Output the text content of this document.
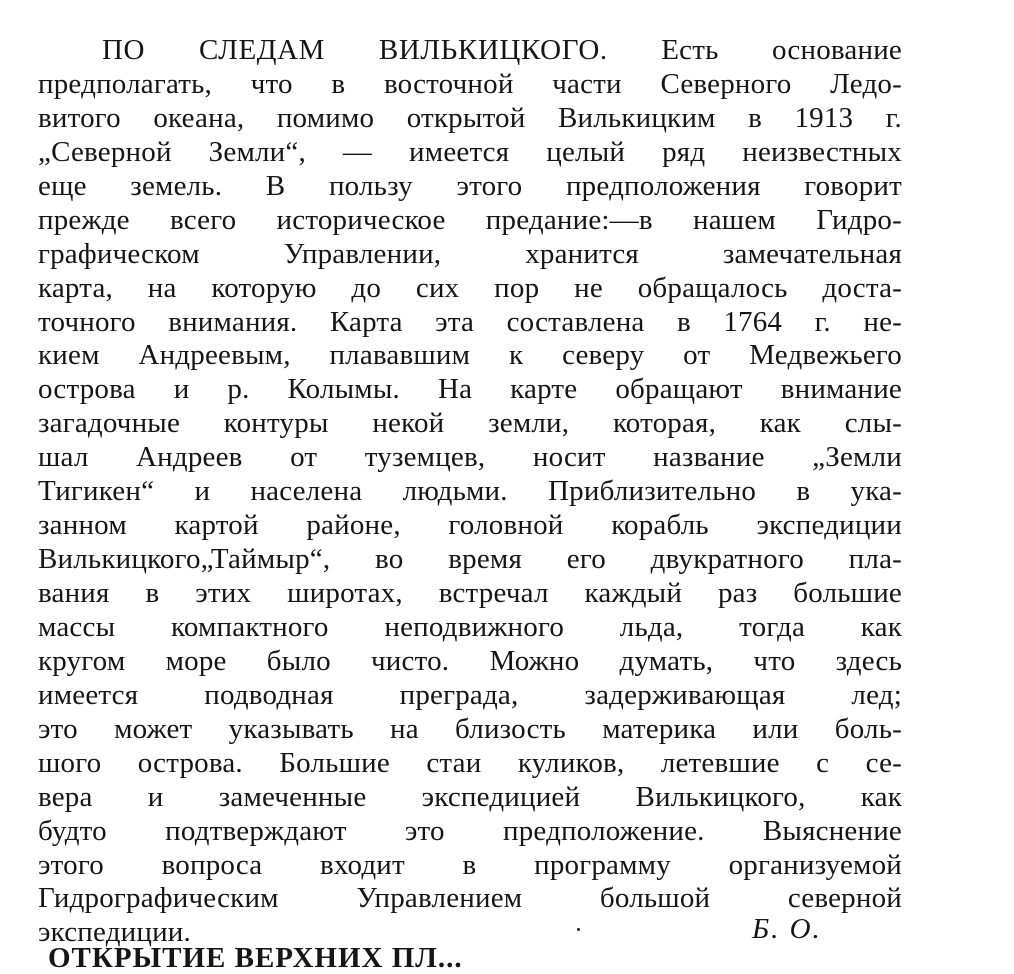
ПО СЛЕДАМ ВИЛЬКИЦКОГО. Есть основание
предполагать, что в восточной части Северного Ледо-
витого океана, помимо открытой Вилькицким в 1913 г.
„Северной Земли“, — имеется целый ряд неизвестных
еще земель. В пользу этого предположения говорит
прежде всего историческое предание:—в нашем Гидро-
графическом Управлении, хранится замечательная
карта, на которую до сих пор не обращалось доста-
точного внимания. Карта эта составлена в 1764 г. не-
кием Андреевым, плававшим к северу от Медвежьего
острова и р. Колымы. На карте обращают внимание
загадочные контуры некой земли, которая, как слы-
шал Андреев от туземцев, носит название „Земли
Тигикен“ и населена людьми. Приблизительно в ука-
занном картой районе, головной корабль экспедиции
Вилькицкого„Таймыр“, во время его двукратного пла-
вания в этих широтах, встречал каждый раз большие
массы компактного неподвижного льда, тогда как
кругом море было чисто. Можно думать, что здесь
имеется подводная преграда, задерживающая лед;
это может указывать на близость материка или боль-
шого острова. Большие стаи куликов, летевшие с се-
вера и замеченные экспедицией Вилькицкого, как
будто подтверждают это предположение. Выяснение
этого вопроса входит в программу организуемой
Гидрографическим Управлением большой северной
экспедиции.	Б. О.
ОТКРЫТИЕ ВЕРХНИХ ПЛ...
